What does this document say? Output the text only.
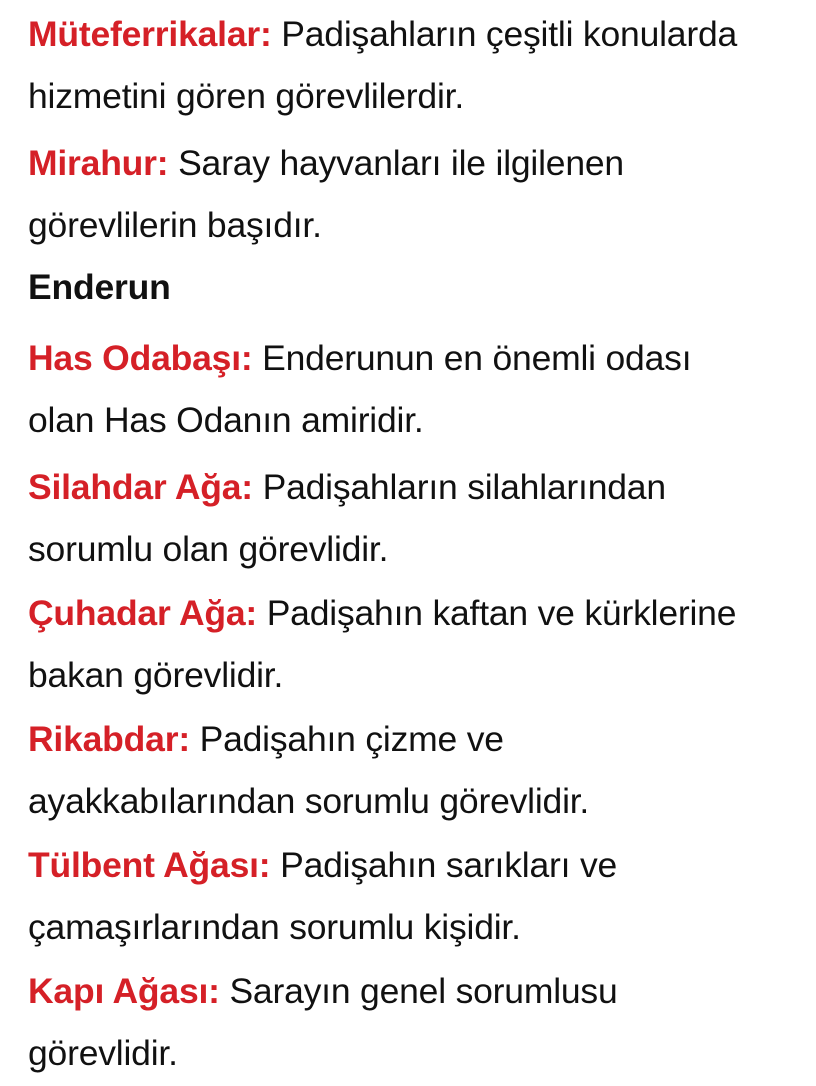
Müteferrikalar: Padişahların çeşitli konularda
hizmetini gören görevlilerdir.

Mirahur: Saray hayvanları ile ilgilenen
görevlilerin başıdır.

Enderun

Has Odabaşı: Enderunun en önemli odası
olan Has Odanın amiridir.

Silahdar Ağa: Padişahların silahlarından
sorumlu olan görevlidir.

Çuhadar Ağa: Padişahın kaftan ve kürklerine
bakan görevlidir.

Rikabdar: Padişahın çizme ve
ayakkabılarından sorumlu görevlidir.

Tülbent Ağası: Padişahın sarıkları ve
çamaşırlarından sorumlu kişidir.

Kapı Ağası: Sarayın genel sorumlusu
görevlidir.
